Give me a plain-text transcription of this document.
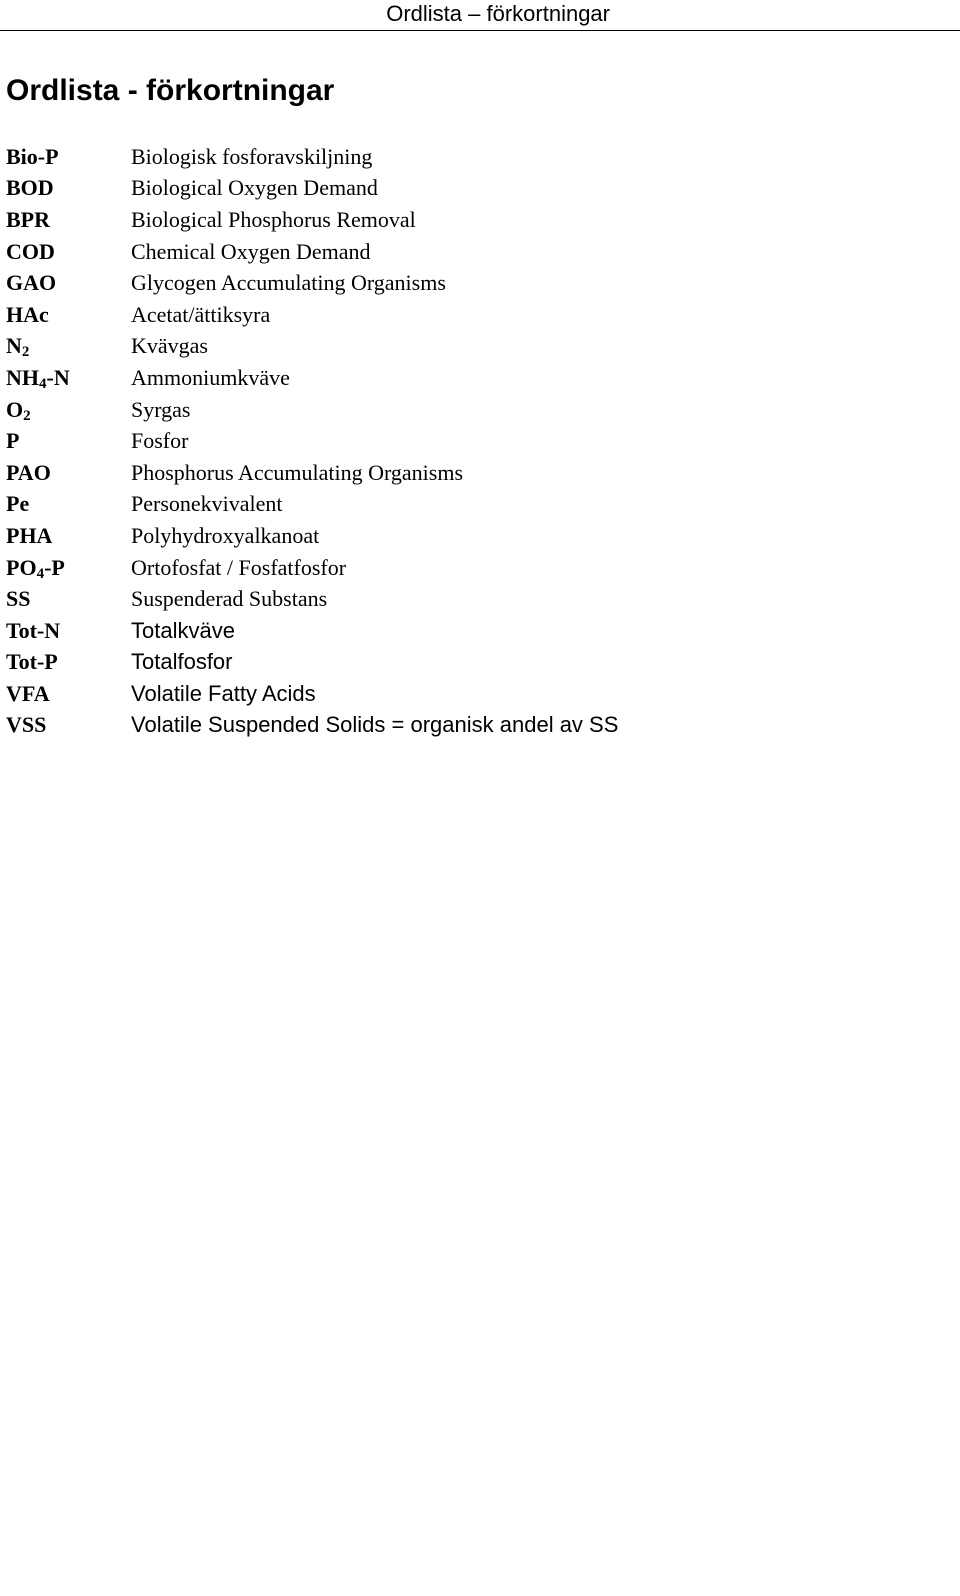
Ordlista – förkortningar
Ordlista - förkortningar
Bio-P	Biologisk fosforavskiljning
BOD	Biological Oxygen Demand
BPR	Biological Phosphorus Removal
COD	Chemical Oxygen Demand
GAO	Glycogen Accumulating Organisms
HAc	Acetat/ättiksyra
$N_2$	Kvävgas
$NH_4-N$	Ammoniumkväve
$O_2$	Syrgas
P	Fosfor
PAO	Phosphorus Accumulating Organisms
Pe	Personekvivalent
PHA	Polyhydroxyalkanoat
$PO_4-P$	Ortofosfat / Fosfatfosfor
SS	Suspenderad Substans
Tot-N	Totalkväve
Tot-P	Totalfosfor
VFA	Volatile Fatty Acids
VSS	Volatile Suspended Solids = organisk andel av SS
